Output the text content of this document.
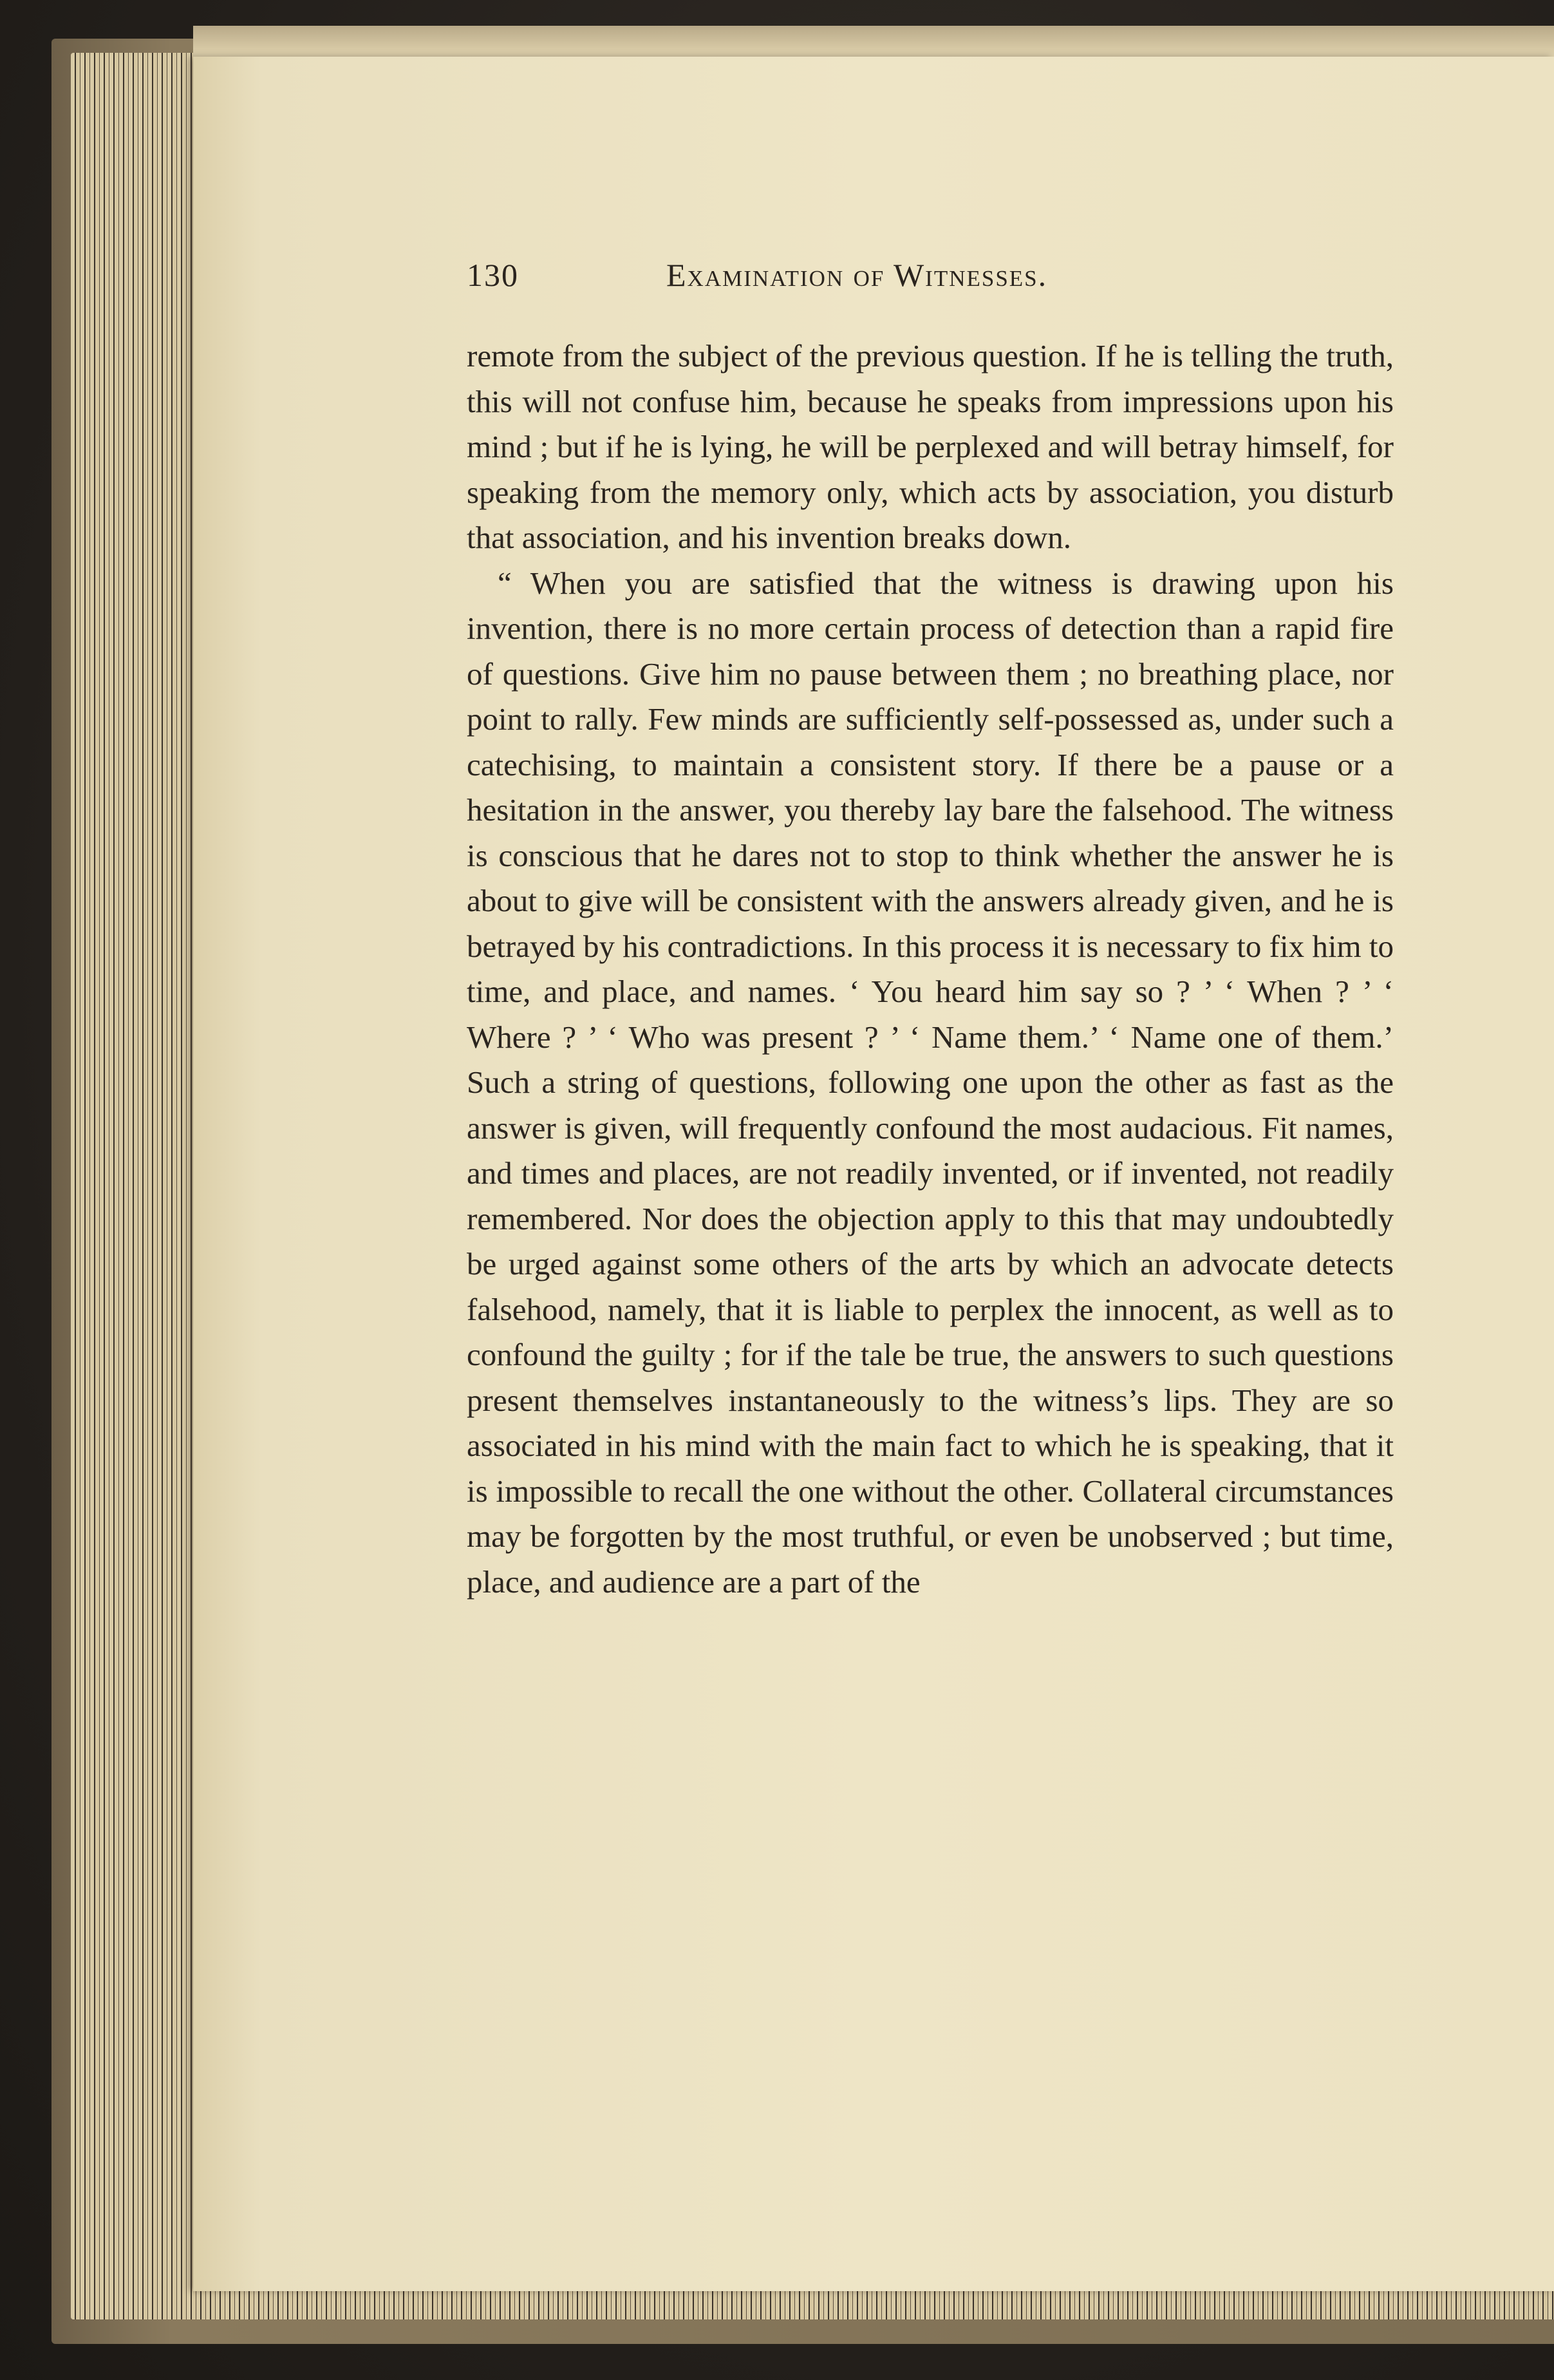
130	Examination of Witnesses.

remote from the subject of the previous question. If he is telling the truth, this will not confuse him, because he speaks from impressions upon his mind ; but if he is lying, he will be perplexed and will betray himself, for speaking from the memory only, which acts by association, you disturb that association, and his invention breaks down.

“ When you are satisfied that the witness is drawing upon his invention, there is no more certain process of detection than a rapid fire of questions. Give him no pause between them ; no breathing place, nor point to rally. Few minds are sufficiently self-possessed as, under such a catechising, to maintain a consistent story. If there be a pause or a hesitation in the answer, you thereby lay bare the falsehood. The witness is conscious that he dares not to stop to think whether the answer he is about to give will be consistent with the answers already given, and he is betrayed by his contradictions. In this process it is necessary to fix him to time, and place, and names. ‘ You heard him say so ? ’ ‘ When ? ’ ‘ Where ? ’ ‘ Who was present ? ’ ‘ Name them.’ ‘ Name one of them.’ Such a string of questions, following one upon the other as fast as the answer is given, will frequently confound the most audacious. Fit names, and times and places, are not readily invented, or if invented, not readily remembered. Nor does the objection apply to this that may undoubtedly be urged against some others of the arts by which an advocate detects falsehood, namely, that it is liable to perplex the innocent, as well as to confound the guilty ; for if the tale be true, the answers to such questions present themselves instantaneously to the witness’s lips. They are so associated in his mind with the main fact to which he is speaking, that it is impossible to recall the one without the other. Collateral circumstances may be forgotten by the most truthful, or even be unobserved ; but time, place, and audience are a part of the
